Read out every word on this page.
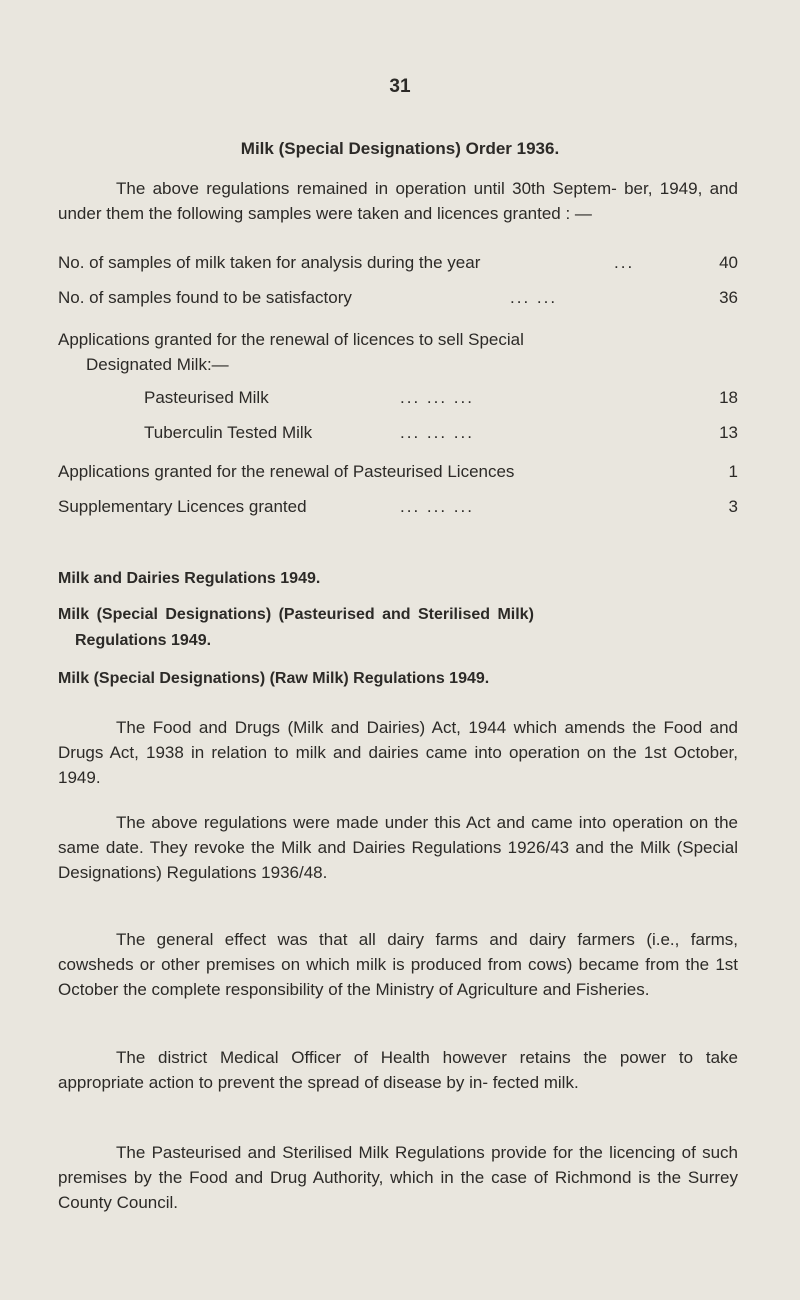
31
Milk (Special Designations) Order 1936.
The above regulations remained in operation until 30th Septem- ber, 1949, and under them the following samples were taken and licences granted : —
No. of samples of milk taken for analysis during the year	...	40
No. of samples found to be satisfactory	... ...	36
Applications granted for the renewal of licences to sell Special
Designated Milk:—
Pasteurised Milk	... ... ...	18
Tuberculin Tested Milk	... ... ...	13
Applications granted for the renewal of Pasteurised Licences	1
Supplementary Licences granted	... ... ...	3
Milk and Dairies Regulations 1949.
Milk (Special Designations) (Pasteurised and Sterilised Milk)
Regulations 1949.
Milk (Special Designations) (Raw Milk) Regulations 1949.
The Food and Drugs (Milk and Dairies) Act, 1944 which amends the Food and Drugs Act, 1938 in relation to milk and dairies came into operation on the 1st October, 1949.
The above regulations were made under this Act and came into operation on the same date. They revoke the Milk and Dairies Regulations 1926/43 and the Milk (Special Designations) Regulations 1936/48.
The general effect was that all dairy farms and dairy farmers (i.e., farms, cowsheds or other premises on which milk is produced from cows) became from the 1st October the complete responsibility of the Ministry of Agriculture and Fisheries.
The district Medical Officer of Health however retains the power to take appropriate action to prevent the spread of disease by in- fected milk.
The Pasteurised and Sterilised Milk Regulations provide for the licencing of such premises by the Food and Drug Authority, which in the case of Richmond is the Surrey County Council.
